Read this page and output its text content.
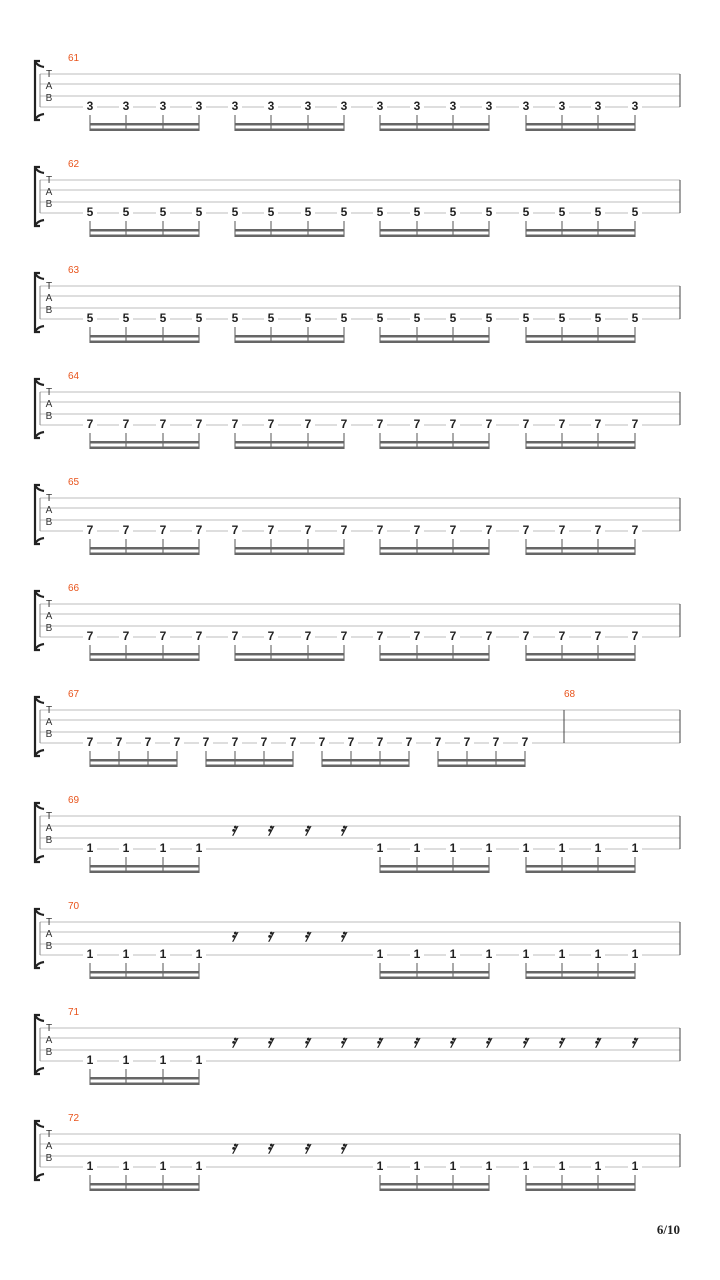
61
T
A
B
3	3	3	3	3	3	3	3	3	3	3	3	3	3	3	3
62
T
A
B
5	5	5	5	5	5	5	5	5	5	5	5	5	5	5	5
63
T
A
B
5	5	5	5	5	5	5	5	5	5	5	5	5	5	5	5
64
T
A
B
7	7	7	7	7	7	7	7	7	7	7	7	7	7	7	7
65
T
A
B
7	7	7	7	7	7	7	7	7	7	7	7	7	7	7	7
66
T
A
B
7	7	7	7	7	7	7	7	7	7	7	7	7	7	7	7
67	68
T
A
B
7	7	7	7	7	7	7	7	7	7	7	7	7	7	7	7
69
T
A
B
1	1	1	1
𝄿 𝄿 𝄿 𝄿
1	1	1	1	1	1	1	1
70
T
A
B
1	1	1	1
𝄿 𝄿 𝄿 𝄿
1	1	1	1	1	1	1	1
71
T
A
B
1	1	1	1
𝄿 𝄿 𝄿 𝄿 𝄿 𝄿 𝄿 𝄿 𝄿 𝄿 𝄿 𝄿
72
T
A
B
1	1	1	1
𝄿 𝄿 𝄿 𝄿
1	1	1	1	1	1	1	1
6/10
